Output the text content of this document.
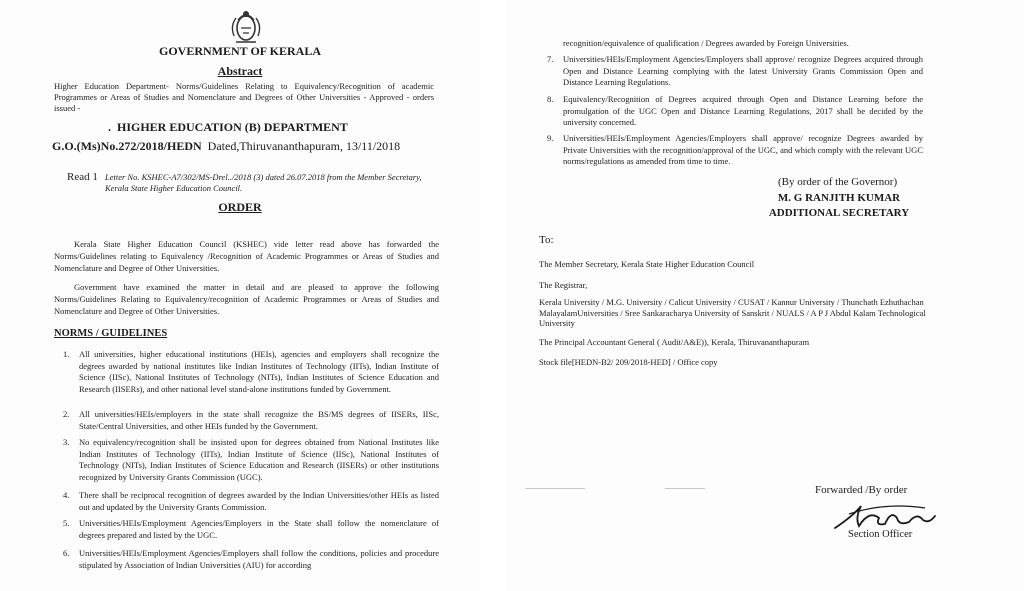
GOVERNMENT OF KERALA
Abstract
Higher Education Department- Norms/Guidelines Relating to Equivalency/Recognition of academic Programmes or Areas of Studies and Nomenclature and Degrees of Other Universities - Approved - orders issued -
. HIGHER EDUCATION (B) DEPARTMENT
G.O.(Ms)No.272/2018/HEDN Dated,Thiruvananthapuram, 13/11/2018
Read 1 Letter No. KSHEC-A7/302/MS-Drel../2018 (3) dated 26.07.2018 from the Member Secretary, Kerala State Higher Education Council.
ORDER
Kerala State Higher Education Council (KSHEC) vide letter read above has forwarded the Norms/Guidelines relating to Equivalency /Recognition of Academic Programmes or Areas of Studies and Nomenclature and Degree of Other Universities.
Government have examined the matter in detail and are pleased to approve the following Norms/Guidelines Relating to Equivalency/recognition of Academic Programmes or Areas of Studies and Nomenclature and Degree of Other Universities.
NORMS / GUIDELINES
1. All universities, higher educational institutions (HEIs), agencies and employers shall recognize the degrees awarded by national institutes like Indian Institutes of Technology (IITs), Indian Institute of Science (IISc), National Institutes of Technology (NITs), Indian Institutes of Science Education and Research (IISERs), and other national level stand-alone institutions funded by Government.
2. All universities/HEIs/employers in the state shall recognize the BS/MS degrees of IISERs, IISc, State/Central Universities, and other HEIs funded by the Government.
3. No equivalency/recognition shall be insisted upon for degrees obtained from National Institutes like Indian Institutes of Technology (IITs), Indian Institute of Science (IISc), National Institutes of Technology (NITs), Indian Institutes of Science Education and Research (IISERs) or other institutions recognized by University Grants Commission (UGC).
4. There shall be reciprocal recognition of degrees awarded by the Indian Universities/other HEIs as listed out and updated by the University Grants Commission.
5. Universities/HEIs/Employment Agencies/Employers in the State shall follow the nomenclature of degrees prepared and listed by the UGC.
6. Universities/HEIs/Employment Agencies/Employers shall follow the conditions, policies and procedure stipulated by Association of Indian Universities (AIU) for according
recognition/equivalence of qualification / Degrees awarded by Foreign Universities.
7. Universities/HEIs/Employment Agencies/Employers shall approve/ recognize Degrees acquired through Open and Distance Learning complying with the latest University Grants Commission Open and Distance Learning Regulations.
8. Equivalency/Recognition of Degrees acquired through Open and Distance Learning before the promulgation of the UGC Open and Distance Learning Regulations, 2017 shall be decided by the university concerned.
9. Universities/HEIs/Employment Agencies/Employers shall approve/ recognize Degrees awarded by Private Universities with the recognition/approval of the UGC, and which comply with the relevant UGC norms/regulations as amended from time to time.
(By order of the Governor)
M. G RANJITH KUMAR
ADDITIONAL SECRETARY
To:
The Member Secretary, Kerala State Higher Education Council
The Registrar,
Kerala University / M.G. University / Calicut University / CUSAT / Kannur University / Thunchath Ezhuthachan MalayalamUniversities / Sree Sankaracharya University of Sanskrit / NUALS / A P J Abdul Kalam Technological University
The Principal Accountant General ( Audit/A&E)), Kerala, Thiruvananthapuram
Stock file[HEDN-B2/ 209/2018-HED] / Office copy
Forwarded /By order
Section Officer
